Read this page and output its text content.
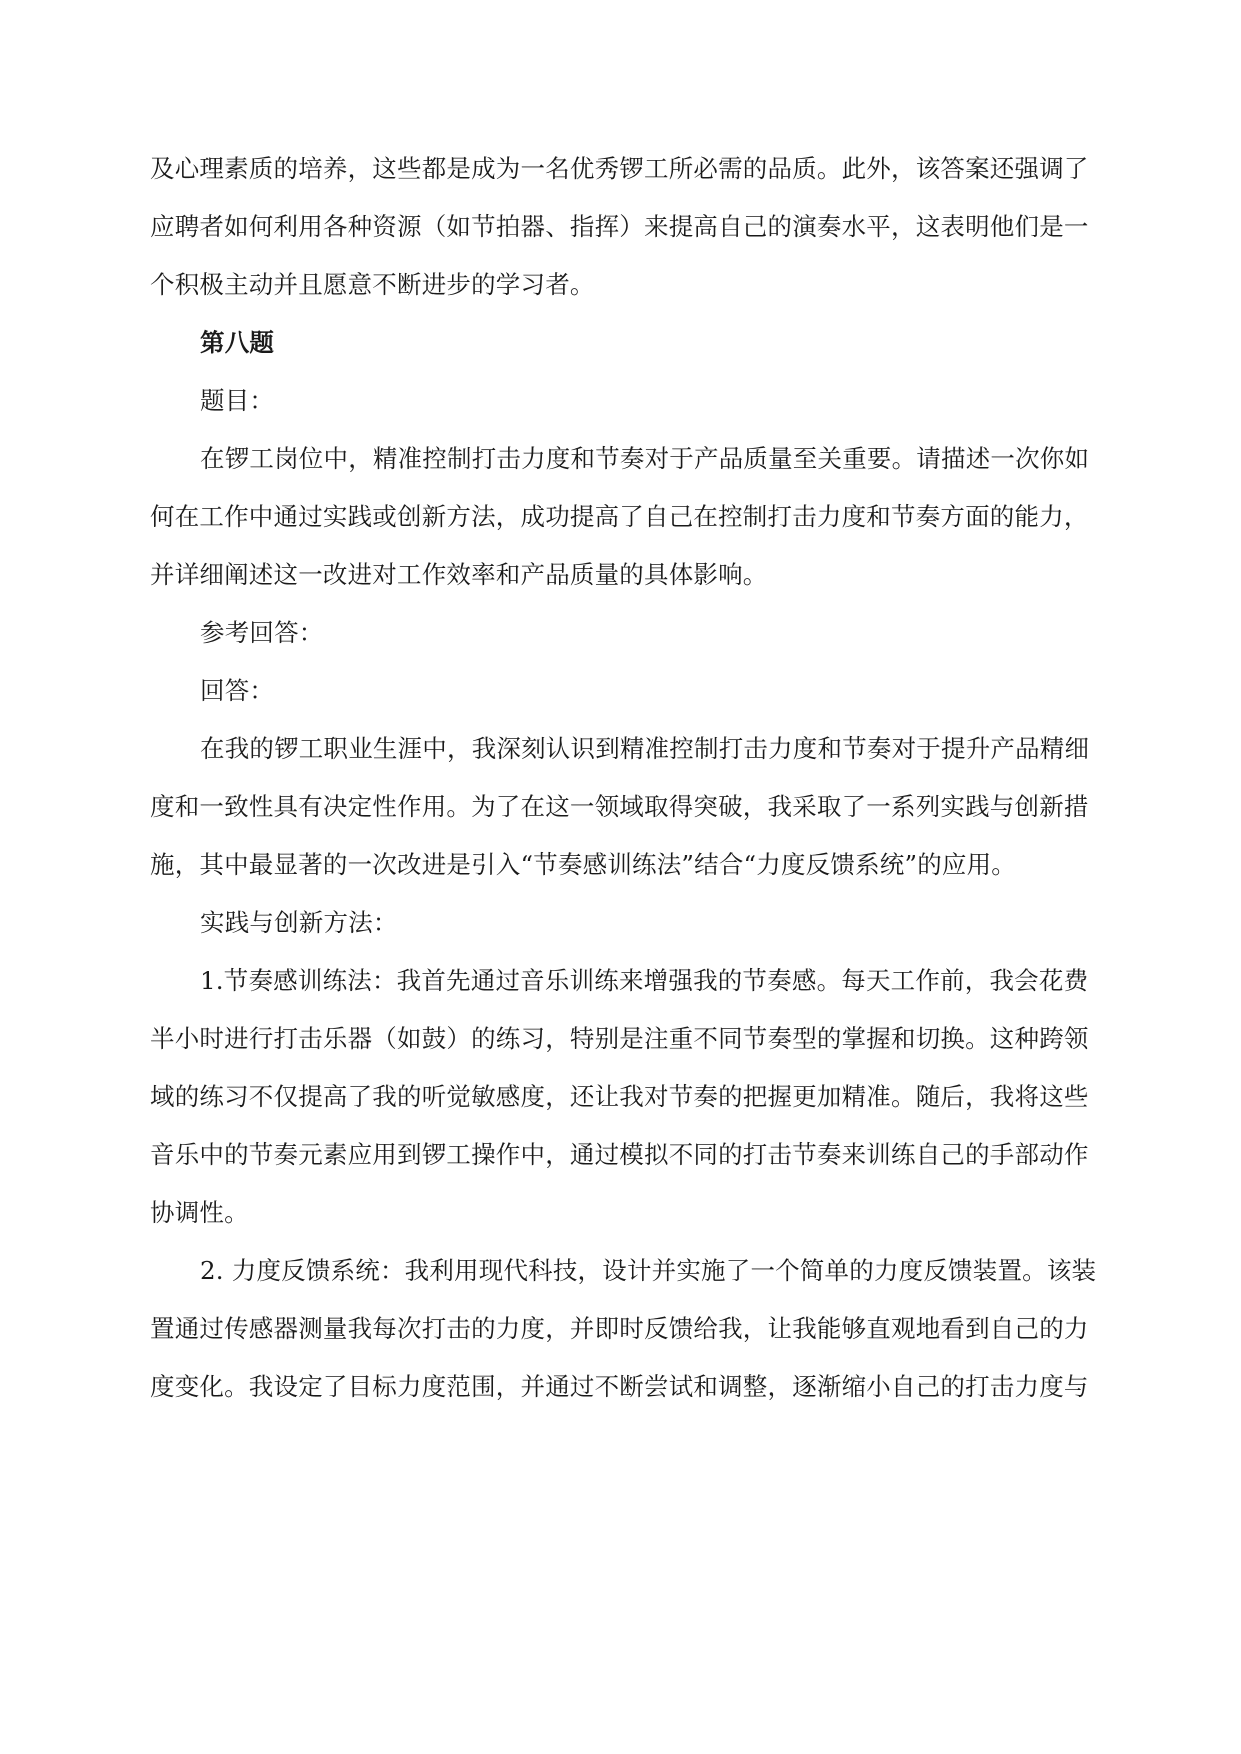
及心理素质的培养，这些都是成为一名优秀锣工所必需的品质。此外，该答案还强调了

应聘者如何利用各种资源（如节拍器、指挥）来提高自己的演奏水平，这表明他们是一

个积极主动并且愿意不断进步的学习者。

第八题

题目：

在锣工岗位中，精准控制打击力度和节奏对于产品质量至关重要。请描述一次你如

何在工作中通过实践或创新方法，成功提高了自己在控制打击力度和节奏方面的能力，

并详细阐述这一改进对工作效率和产品质量的具体影响。

参考回答：

回答：

在我的锣工职业生涯中，我深刻认识到精准控制打击力度和节奏对于提升产品精细

度和一致性具有决定性作用。为了在这一领域取得突破，我采取了一系列实践与创新措

施，其中最显著的一次改进是引入“节奏感训练法”结合“力度反馈系统”的应用。

实践与创新方法：

1.节奏感训练法：我首先通过音乐训练来增强我的节奏感。每天工作前，我会花费

半小时进行打击乐器（如鼓）的练习，特别是注重不同节奏型的掌握和切换。这种跨领

域的练习不仅提高了我的听觉敏感度，还让我对节奏的把握更加精准。随后，我将这些

音乐中的节奏元素应用到锣工操作中，通过模拟不同的打击节奏来训练自己的手部动作

协调性。

2. 力度反馈系统：我利用现代科技，设计并实施了一个简单的力度反馈装置。该装

置通过传感器测量我每次打击的力度，并即时反馈给我，让我能够直观地看到自己的力

度变化。我设定了目标力度范围，并通过不断尝试和调整，逐渐缩小自己的打击力度与
